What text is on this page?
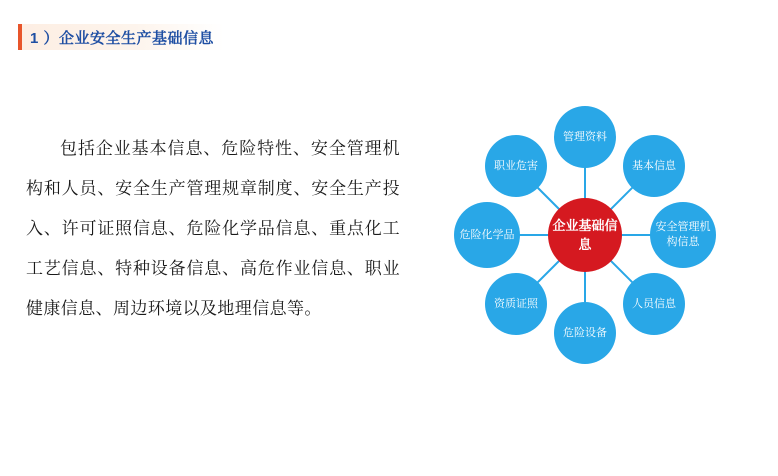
1 ）企业安全生产基础信息

包括企业基本信息、危险特性、安全管理机构和人员、安全生产管理规章制度、安全生产投入、许可证照信息、危险化学品信息、重点化工工艺信息、特种设备信息、高危作业信息、职业健康信息、周边环境以及地理信息等。

管理资料
基本信息
安全管理机构信息
人员信息
危险设备
资质证照
危险化学品
职业危害
企业基础信息
